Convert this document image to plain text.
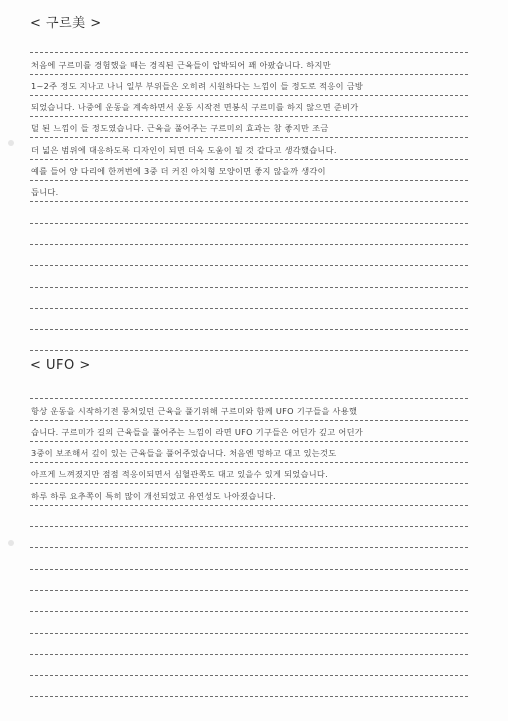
< 구르美 >
처음에 구르미를 경험했을 때는 경직된 근육들이 압박되어 꽤 아팠습니다. 하지만
1~2주 정도 지나고 나니 일부 부위들은 오히려 시원하다는 느낌이 들 정도로 적응이 금방
되었습니다. 나중에 운동을 계속하면서 운동 시작전 면봉식 구르미를 하지 않으면 준비가
덜 된 느낌이 들 정도였습니다. 근육을 풀어주는 구르미의 효과는 참 좋지만 조금
더 넓은 범위에 대응하도록 디자인이 되면 더욱 도움이 될 것 같다고 생각했습니다.
예를 들어 양 다리에 한꺼번에 3중 더 커진 아치형 모양이면 좋지 않을까 생각이
듭니다.
< UFO >
항상 운동을 시작하기전 뭉쳐있던 근육을 풀기위해 구르미와 함께 UFO 기구들을 사용했
습니다. 구르미가 길의 근육들을 풀어주는 느낌이 라면 UFO 기구들은 어딘가 깊고 어딘가
3중이 보조해서 깊이 있는 근육들을 풀어주었습니다. 처음엔 멍하고 대고 있는것도
아프게 느껴졌지만 점점 적응이되면서 심혈관쪽도 대고 있을수 있게 되었습니다.
하루 하루 요추쪽이 특히 많이 개선되었고 유연성도 나아졌습니다.
